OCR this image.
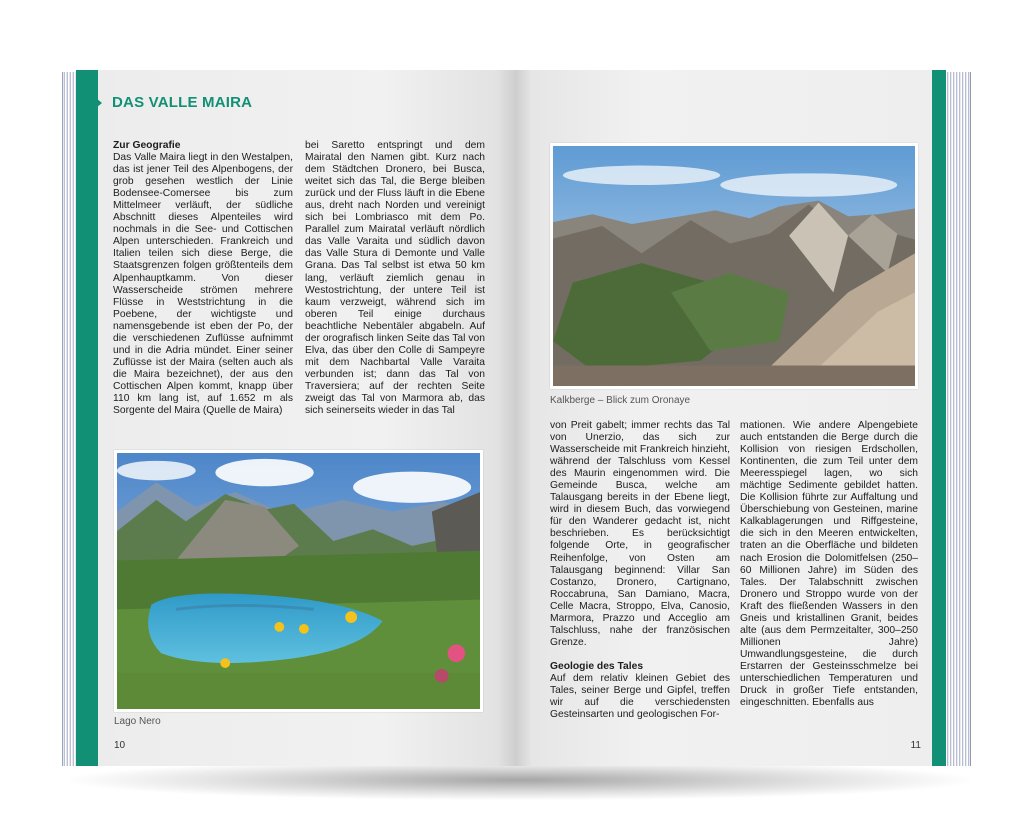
DAS VALLE MAIRA
Zur Geografie
Das Valle Maira liegt in den Westalpen, das ist jener Teil des Alpenbogens, der grob gesehen westlich der Linie Bodensee-Comersee bis zum Mittelmeer verläuft, der südliche Abschnitt dieses Alpenteiles wird nochmals in die See- und Cottischen Alpen unterschieden. Frankreich und Italien teilen sich diese Berge, die Staatsgrenzen folgen größtenteils dem Alpenhauptkamm. Von dieser Wasserscheide strömen mehrere Flüsse in Weststrichtung in die Poebene, der wichtigste und namensgebende ist eben der Po, der die verschiedenen Zuflüsse aufnimmt und in die Adria mündet. Einer seiner Zuflüsse ist der Maira (selten auch als die Maira bezeichnet), der aus den Cottischen Alpen kommt, knapp über 110 km lang ist, auf 1.652 m als Sorgente del Maira (Quelle de Maira)
bei Saretto entspringt und dem Mairatal den Namen gibt. Kurz nach dem Städtchen Dronero, bei Busca, weitet sich das Tal, die Berge bleiben zurück und der Fluss läuft in die Ebene aus, dreht nach Norden und vereinigt sich bei Lombriasco mit dem Po. Parallel zum Mairatal verläuft nördlich das Valle Varaita und südlich davon das Valle Stura di Demonte und Valle Grana. Das Tal selbst ist etwa 50 km lang, verläuft ziemlich genau in Westostrichtung, der untere Teil ist kaum verzweigt, während sich im oberen Teil einige durchaus beachtliche Nebentäler abgabeln. Auf der orografisch linken Seite das Tal von Elva, das über den Colle di Sampeyre mit dem Nachbartal Valle Varaita verbunden ist; dann das Tal von Traversiera; auf der rechten Seite zweigt das Tal von Marmora ab, das sich seinerseits wieder in das Tal
Lago Nero
10
Kalkberge – Blick zum Oronaye
von Preit gabelt; immer rechts das Tal von Unerzio, das sich zur Wasserscheide mit Frankreich hinzieht, während der Talschluss vom Kessel des Maurin eingenommen wird. Die Gemeinde Busca, welche am Talausgang bereits in der Ebene liegt, wird in diesem Buch, das vorwiegend für den Wanderer gedacht ist, nicht beschrieben. Es berücksichtigt folgende Orte, in geografischer Reihenfolge, von Osten am Talausgang beginnend: Villar San Costanzo, Dronero, Cartignano, Roccabruna, San Damiano, Macra, Celle Macra, Stroppo, Elva, Canosio, Marmora, Prazzo und Acceglio am Talschluss, nahe der französischen Grenze.
Geologie des Tales
Auf dem relativ kleinen Gebiet des Tales, seiner Berge und Gipfel, treffen wir auf die verschiedensten Gesteinsarten und geologischen For-
mationen. Wie andere Alpengebiete auch entstanden die Berge durch die Kollision von riesigen Erdschollen, Kontinenten, die zum Teil unter dem Meeresspiegel lagen, wo sich mächtige Sedimente gebildet hatten. Die Kollision führte zur Auffaltung und Überschiebung von Gesteinen, marine Kalkablagerungen und Riffgesteine, die sich in den Meeren entwickelten, traten an die Oberfläche und bildeten nach Erosion die Dolomitfelsen (250–60 Millionen Jahre) im Süden des Tales. Der Talabschnitt zwischen Dronero und Stroppo wurde von der Kraft des fließenden Wassers in den Gneis und kristallinen Granit, beides alte (aus dem Permzeitalter, 300–250 Millionen Jahre) Umwandlungsgesteine, die durch Erstarren der Gesteinsschmelze bei unterschiedlichen Temperaturen und Druck in großer Tiefe entstanden, eingeschnitten. Ebenfalls aus
11
